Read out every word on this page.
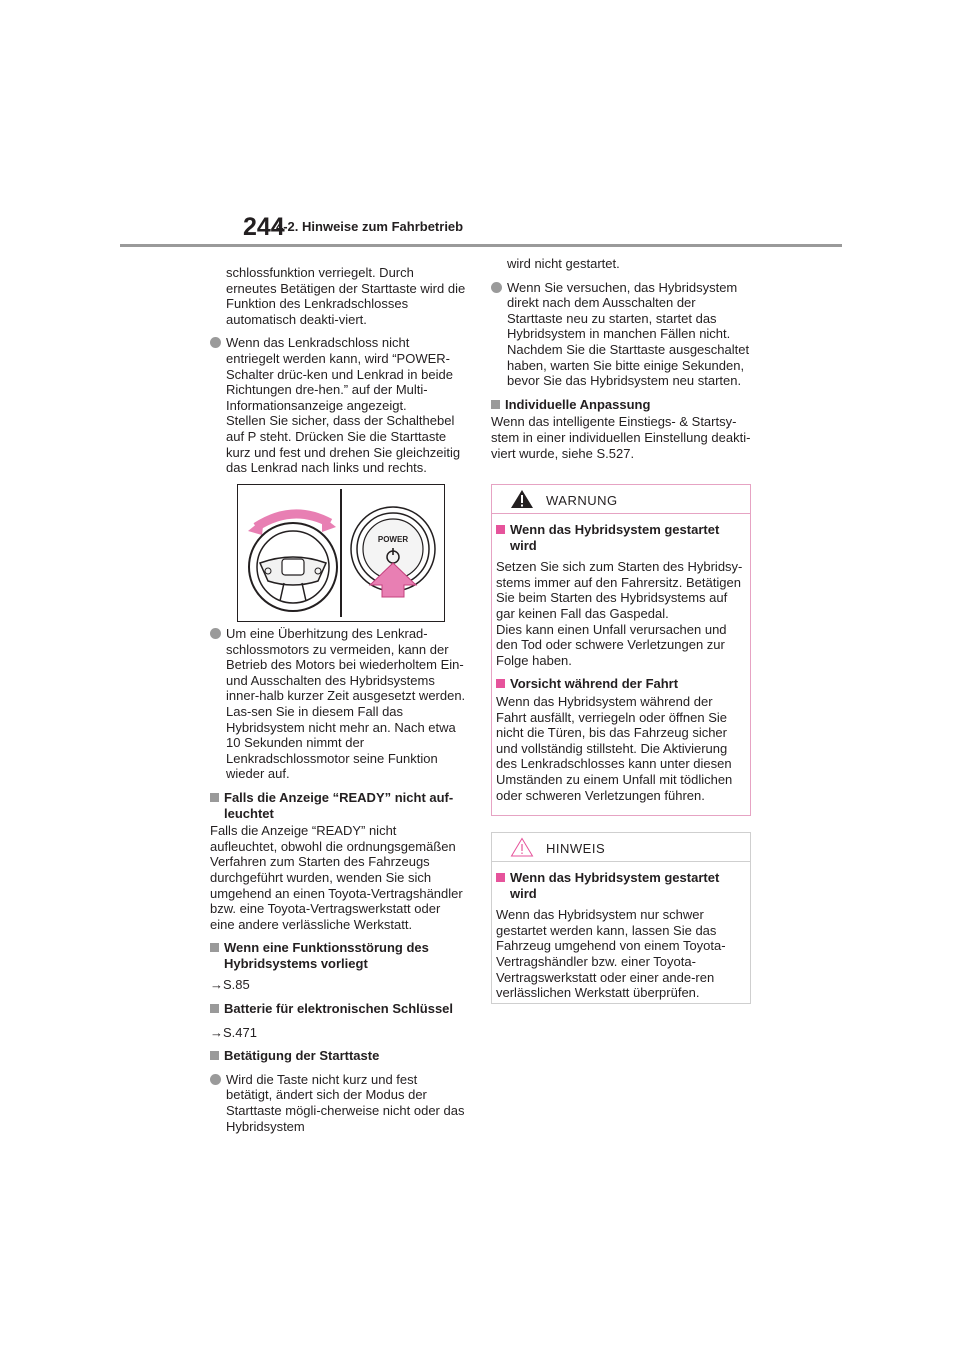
244
4-2. Hinweise zum Fahrbetrieb

schlossfunktion verriegelt. Durch erneutes Betätigen der Starttaste wird die Funktion des Lenkradschlosses automatisch deakti-viert.

Wenn das Lenkradschloss nicht entriegelt werden kann, wird “POWER-Schalter drüc-ken und Lenkrad in beide Richtungen dre-hen.” auf der Multi-Informationsanzeige angezeigt.
Stellen Sie sicher, dass der Schalthebel auf P steht. Drücken Sie die Starttaste kurz und fest und drehen Sie gleichzeitig das Lenkrad nach links und rechts.
POWER
Um eine Überhitzung des Lenkrad-schlossmotors zu vermeiden, kann der Betrieb des Motors bei wiederholtem Ein- und Ausschalten des Hybridsystems inner-halb kurzer Zeit ausgesetzt werden. Las-sen Sie in diesem Fall das Hybridsystem nicht mehr an. Nach etwa 10 Sekunden nimmt der Lenkradschlossmotor seine Funktion wieder auf.
Falls die Anzeige “READY” nicht auf-leuchtet

Falls die Anzeige “READY” nicht aufleuchtet, obwohl die ordnungsgemäßen Verfahren zum Starten des Fahrzeugs durchgeführt wurden, wenden Sie sich umgehend an einen Toyota-Vertragshändler bzw. eine Toyota-Vertragswerkstatt oder eine andere verlässliche Werkstatt.

Wenn eine Funktionsstörung des Hybridsystems vorliegt

→S.85

Batterie für elektronischen Schlüssel

→S.471

Betätigung der Starttaste
Wird die Taste nicht kurz und fest betätigt, ändert sich der Modus der Starttaste mögli-cherweise nicht oder das Hybridsystem

wird nicht gestartet.

Wenn Sie versuchen, das Hybridsystem direkt nach dem Ausschalten der Starttaste neu zu starten, startet das Hybridsystem in manchen Fällen nicht. Nachdem Sie die Starttaste ausgeschaltet haben, warten Sie bitte einige Sekunden, bevor Sie das Hybridsystem neu starten.
Individuelle Anpassung

Wenn das intelligente Einstiegs- & Startsy-stem in einer individuellen Einstellung deakti-viert wurde, siehe S.527.

WARNUNG
Wenn das Hybridsystem gestartet wird
Setzen Sie sich zum Starten des Hybridsy-stems immer auf den Fahrersitz. Betätigen Sie beim Starten des Hybridsystems auf gar keinen Fall das Gaspedal.

Dies kann einen Unfall verursachen und den Tod oder schwere Verletzungen zur Folge haben.

Vorsicht während der Fahrt

Wenn das Hybridsystem während der Fahrt ausfällt, verriegeln oder öffnen Sie nicht die Türen, bis das Fahrzeug sicher und vollständig stillsteht. Die Aktivierung des Lenkradschlosses kann unter diesen Umständen zu einem Unfall mit tödlichen oder schweren Verletzungen führen.

HINWEIS
Wenn das Hybridsystem gestartet wird

Wenn das Hybridsystem nur schwer gestartet werden kann, lassen Sie das Fahrzeug umgehend von einem Toyota-Vertragshändler bzw. einer Toyota-Vertragswerkstatt oder einer ande-ren verlässlichen Werkstatt überprüfen.
